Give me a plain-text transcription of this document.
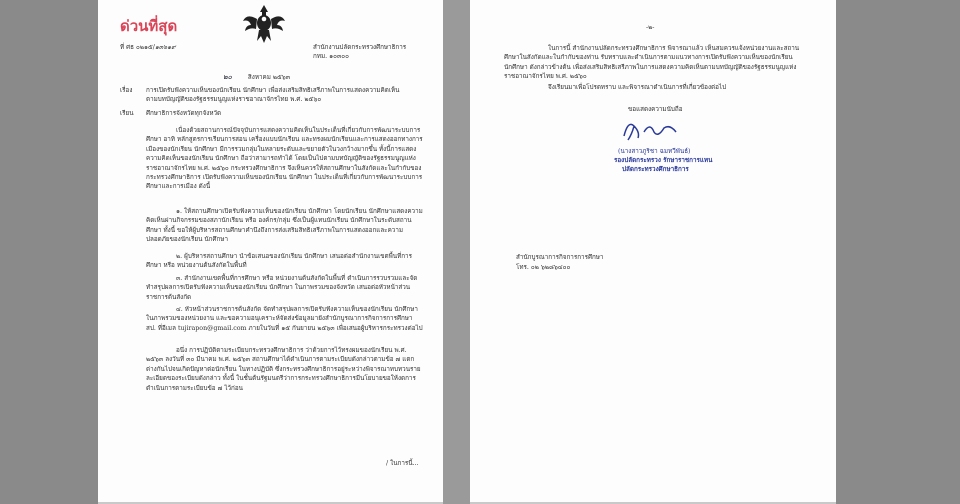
ด่วนที่สุด
ที่ ศธ ๐๒๑๕/๑๓๖๑๙	สำนักงานปลัดกระทรวงศึกษาธิการ
กทม. ๑๐๓๐๐
๒๐	สิงหาคม ๒๕๖๓
เรื่อง การเปิดรับฟังความเห็นของนักเรียน นักศึกษา เพื่อส่งเสริมสิทธิเสรีภาพในการแสดงความคิดเห็น
ตามบทบัญญัติของรัฐธรรมนูญแห่งราชอาณาจักรไทย พ.ศ. ๒๕๖๐
เรียน ศึกษาธิการจังหวัดทุกจังหวัด
เนื่องด้วยสถานการณ์ปัจจุบันการแสดงความคิดเห็นในประเด็นที่เกี่ยวกับการพัฒนาระบบการศึกษา อาทิ หลักสูตรการเรียนการสอน เครื่องแบบนักเรียน และทรงผมนักเรียนและการแสดงออกทางการเมืองของนักเรียน นักศึกษา มีการรวมกลุ่มในหลายระดับและขยายตัวในวงกว้างมากขึ้น ทั้งนี้การแสดงความคิดเห็นของนักเรียน นักศึกษา ถือว่าสามารถทำได้ โดยเป็นไปตามบทบัญญัติของรัฐธรรมนูญแห่งราชอาณาจักรไทย พ.ศ. ๒๕๖๐ กระทรวงศึกษาธิการ จึงเห็นควรให้สถานศึกษาในสังกัดและในกำกับของกระทรวงศึกษาธิการ เปิดรับฟังความเห็นของนักเรียน นักศึกษา ในประเด็นที่เกี่ยวกับการพัฒนาระบบการศึกษาและการเมือง ดังนี้
๑. ให้สถานศึกษาเปิดรับฟังความเห็นของนักเรียน นักศึกษา โดยนักเรียน นักศึกษาแสดงความคิดเห็นผ่านกิจกรรมของสภานักเรียน หรือ องค์กร/กลุ่ม ซึ่งเป็นผู้แทนนักเรียน นักศึกษาในระดับสถานศึกษา ทั้งนี้ ขอให้ผู้บริหารสถานศึกษาคำนึงถึงการส่งเสริมสิทธิเสรีภาพในการแสดงออกและความปลอดภัยของนักเรียน นักศึกษา
๒. ผู้บริหารสถานศึกษา นำข้อเสนอของนักเรียน นักศึกษา เสนอต่อสำนักงานเขตพื้นที่การศึกษา หรือ หน่วยงานต้นสังกัดในพื้นที่
๓. สำนักงานเขตพื้นที่การศึกษา หรือ หน่วยงานต้นสังกัดในพื้นที่ ดำเนินการรวบรวมและจัดทำสรุปผลการเปิดรับฟังความเห็นของนักเรียน นักศึกษา ในภาพรวมของจังหวัด เสนอต่อหัวหน้าส่วนราชการต้นสังกัด
๔. หัวหน้าส่วนราชการต้นสังกัด จัดทำสรุปผลการเปิดรับฟังความเห็นของนักเรียน นักศึกษาในภาพรวมของหน่วยงาน และขอความอนุเคราะห์จัดส่งข้อมูลมายังสำนักบูรณาการกิจการการศึกษา สป. ที่อีเมล tujirapon@gmail.com ภายในวันที่ ๑๕ กันยายน ๒๕๖๓ เพื่อเสนอผู้บริหารกระทรวงต่อไป
อนึ่ง การปฏิบัติตามระเบียบกระทรวงศึกษาธิการ ว่าด้วยการไว้ทรงผมของนักเรียน พ.ศ. ๒๕๖๓ ลงวันที่ ๓๐ มีนาคม พ.ศ. ๒๕๖๓ สถานศึกษาได้ดำเนินการตามระเบียบดังกล่าวตามข้อ ๗ แตกต่างกันไปจนเกิดปัญหาต่อนักเรียน ในทางปฏิบัติ ซึ่งกระทรวงศึกษาธิการอยู่ระหว่างพิจารณาทบทวนรายละเอียดของระเบียบดังกล่าว ทั้งนี้ ในชั้นต้นรัฐมนตรีว่าการกระทรวงศึกษาธิการมีนโยบายขอให้งดการดำเนินการตามระเบียบข้อ ๗ ไว้ก่อน
/ ในการนี้...
-๒-
ในการนี้ สำนักงานปลัดกระทรวงศึกษาธิการ พิจารณาแล้ว เห็นสมควรแจ้งหน่วยงานและสถานศึกษาในสังกัดและในกำกับของท่าน รับทราบและดำเนินการตามแนวทางการเปิดรับฟังความเห็นของนักเรียน นักศึกษา ดังกล่าวข้างต้น เพื่อส่งเสริมสิทธิเสรีภาพในการแสดงความคิดเห็นตามบทบัญญัติของรัฐธรรมนูญแห่งราชอาณาจักรไทย พ.ศ. ๒๕๖๐
จึงเรียนมาเพื่อโปรดทราบ และพิจารณาดำเนินการที่เกี่ยวข้องต่อไป
ขอแสดงความนับถือ
(นางสาวภูริชา ฉมทวีพันธ์)
รองปลัดกระทรวง รักษาราชการแทน
ปลัดกระทรวงศึกษาธิการ
สำนักบูรณาการกิจการการศึกษา
โทร. ๐๒ ๖๒๘๖๔๐๐
